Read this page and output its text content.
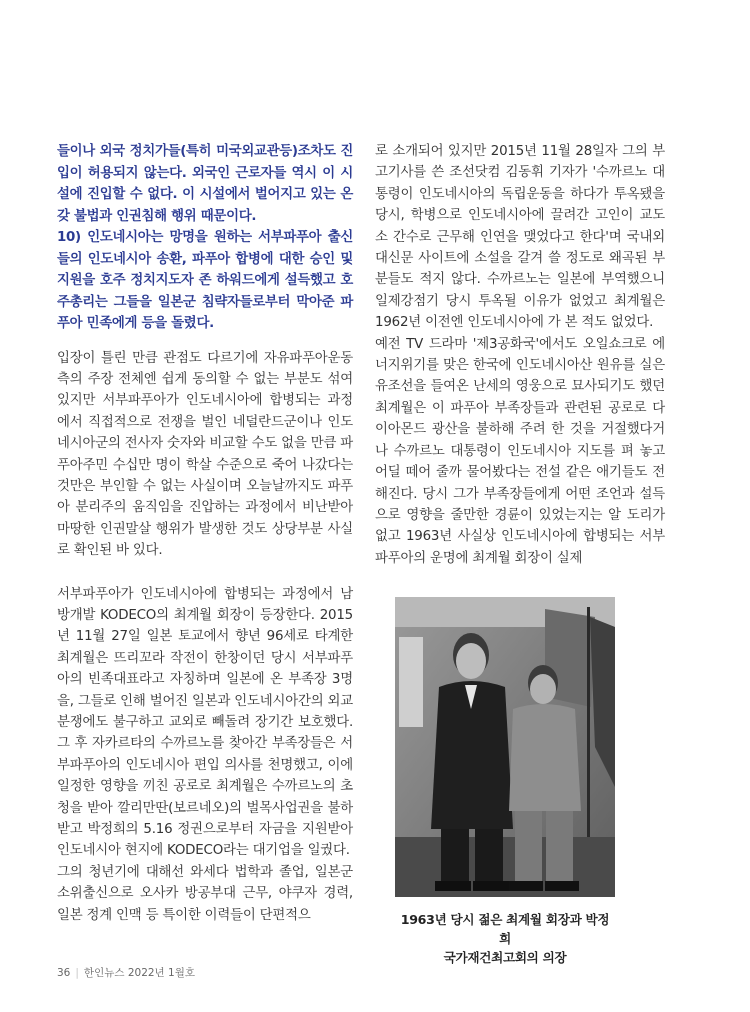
들이나 외국 정치가들(특히 미국외교관등)조차도 진입이 허용되지 않는다. 외국인 근로자들 역시 이 시설에 진입할 수 없다. 이 시설에서 벌어지고 있는 온갖 불법과 인권침해 행위 때문이다.

10) 인도네시아는 망명을 원하는 서부파푸아 출신들의 인도네시아 송환, 파푸아 합병에 대한 승인 및 지원을 호주 정치지도자 존 하워드에게 설득했고 호주총리는 그들을 일본군 침략자들로부터 막아준 파푸아 민족에게 등을 돌렸다.

입장이 틀린 만큼 관점도 다르기에 자유파푸아운동 측의 주장 전체엔 쉽게 동의할 수 없는 부분도 섞여 있지만 서부파푸아가 인도네시아에 합병되는 과정에서 직접적으로 전쟁을 벌인 네덜란드군이나 인도네시아군의 전사자 숫자와 비교할 수도 없을 만큼 파푸아주민 수십만 명이 학살 수준으로 죽어 나갔다는 것만은 부인할 수 없는 사실이며 오늘날까지도 파푸아 분리주의 움직임을 진압하는 과정에서 비난받아 마땅한 인권말살 행위가 발생한 것도 상당부분 사실로 확인된 바 있다.

서부파푸아가 인도네시아에 합병되는 과정에서 남방개발 KODECO의 최계월 회장이 등장한다. 2015년 11월 27일 일본 토교에서 향년 96세로 타계한 최계월은 뜨리꼬라 작전이 한창이던 당시 서부파푸아의 빈족대표라고 자칭하며 일본에 온 부족장 3명을, 그들로 인해 벌어진 일본과 인도네시아간의 외교분쟁에도 불구하고 교외로 빼돌려 장기간 보호했다. 그 후 자카르타의 수까르노를 찾아간 부족장들은 서부파푸아의 인도네시아 편입 의사를 천명했고, 이에 일정한 영향을 끼친 공로로 최계월은 수까르노의 초청을 받아 깔리만딴(보르네오)의 벌목사업권을 불하받고 박정희의 5.16 정권으로부터 자금을 지원받아 인도네시아 현지에 KODECO라는 대기업을 일궜다.

그의 청년기에 대해선 와세다 법학과 졸업, 일본군 소위출신으로 오사카 방공부대 근무, 야쿠자 경력, 일본 정계 인맥 등 특이한 이력들이 단편적으

로 소개되어 있지만 2015년 11월 28일자 그의 부고기사를 쓴 조선닷컴 김동휘 기자가 '수까르노 대통령이 인도네시아의 독립운동을 하다가 투옥됐을 당시, 학병으로 인도네시아에 끌려간 고인이 교도소 간수로 근무해 인연을 맺었다고 한다'며 국내외대신문 사이트에 소설을 갈겨 쓸 정도로 왜곡된 부분들도 적지 않다. 수까르노는 일본에 부역했으니 일제강점기 당시 투옥될 이유가 없었고 최계월은 1962년 이전엔 인도네시아에 가 본 적도 없었다.

예전 TV 드라마 '제3공화국'에서도 오일쇼크로 에너지위기를 맞은 한국에 인도네시아산 원유를 실은 유조선을 들여온 난세의 영웅으로 묘사되기도 했던 최계월은 이 파푸아 부족장들과 관련된 공로로 다이아몬드 광산을 불하해 주려 한 것을 거절했다거나 수까르노 대통령이 인도네시아 지도를 펴 놓고 어딜 떼어 줄까 물어봤다는 전설 같은 애기들도 전해진다. 당시 그가 부족장들에게 어떤 조언과 설득으로 영향을 줄만한 경륜이 있었는지는 알 도리가 없고 1963년 사실상 인도네시아에 합병되는 서부파푸아의 운명에 최계월 회장이 실제

1963년 당시 젊은 최계월 회장과 박정희
국가재건최고회의 의장
36 | 한인뉴스 2022년 1월호
